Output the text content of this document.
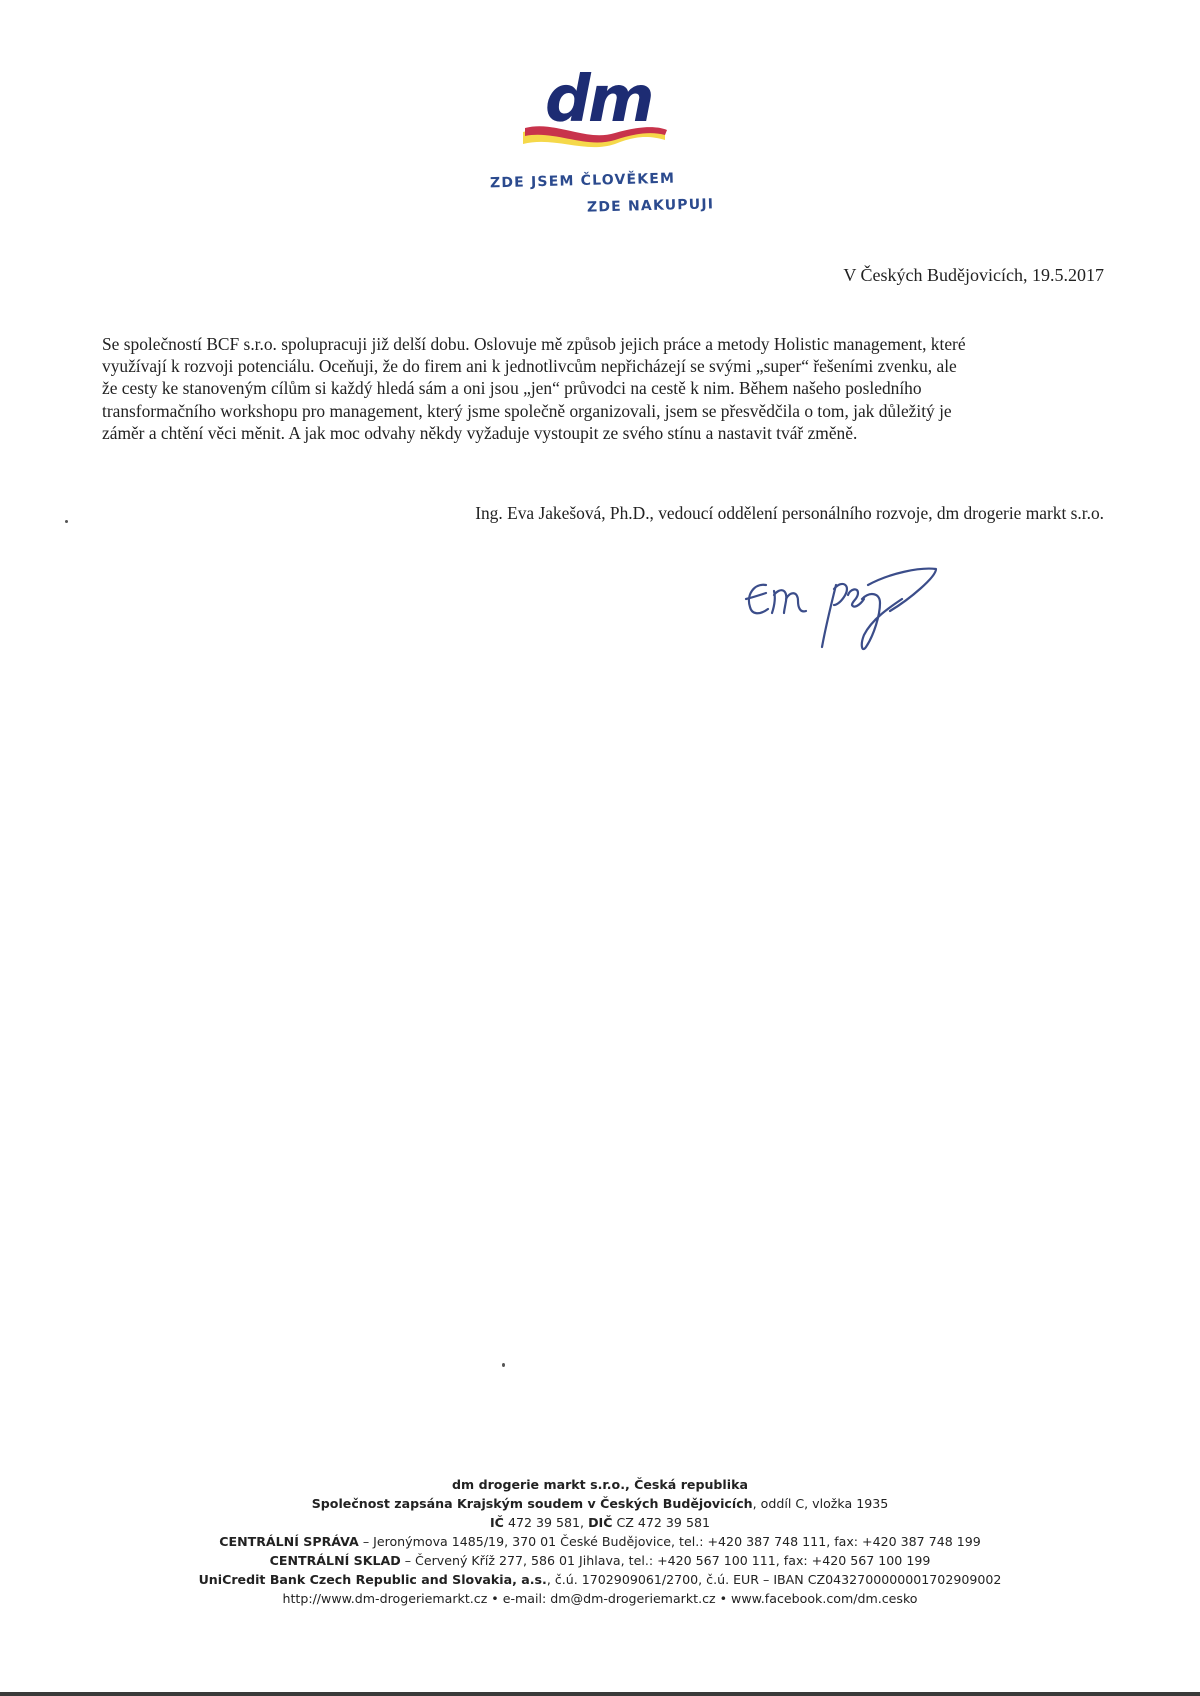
dm
ZDE JSEM ČLOVĚKEM
ZDE NAKUPUJI
V Českých Budějovicích, 19.5.2017

Se společností BCF s.r.o. spolupracuji již delší dobu. Oslovuje mě způsob jejich práce a metody Holistic management, které

využívají k rozvoji potenciálu. Oceňuji, že do firem ani k jednotlivcům nepřicházejí se svými „super“ řešeními zvenku, ale

že cesty ke stanoveným cílům si každý hledá sám a oni jsou „jen“ průvodci na cestě k nim. Během našeho posledního

transformačního workshopu pro management, který jsme společně organizovali, jsem se přesvědčila o tom, jak důležitý je

záměr a chtění věci měnit. A jak moc odvahy někdy vyžaduje vystoupit ze svého stínu a nastavit tvář změně.

Ing. Eva Jakešová, Ph.D., vedoucí oddělení personálního rozvoje, dm drogerie markt s.r.o.
dm drogerie markt s.r.o., Česká republika
Společnost zapsána Krajským soudem v Českých Budějovicích, oddíl C, vložka 1935
IČ 472 39 581, DIČ CZ 472 39 581
CENTRÁLNÍ SPRÁVA – Jeronýmova 1485/19, 370 01 České Budějovice, tel.: +420 387 748 111, fax: +420 387 748 199
CENTRÁLNÍ SKLAD – Červený Kříž 277, 586 01 Jihlava, tel.: +420 567 100 111, fax: +420 567 100 199
UniCredit Bank Czech Republic and Slovakia, a.s., č.ú. 1702909061/2700, č.ú. EUR – IBAN CZ0432700000001702909002
http://www.dm-drogeriemarkt.cz • e-mail: dm@dm-drogeriemarkt.cz • www.facebook.com/dm.cesko
